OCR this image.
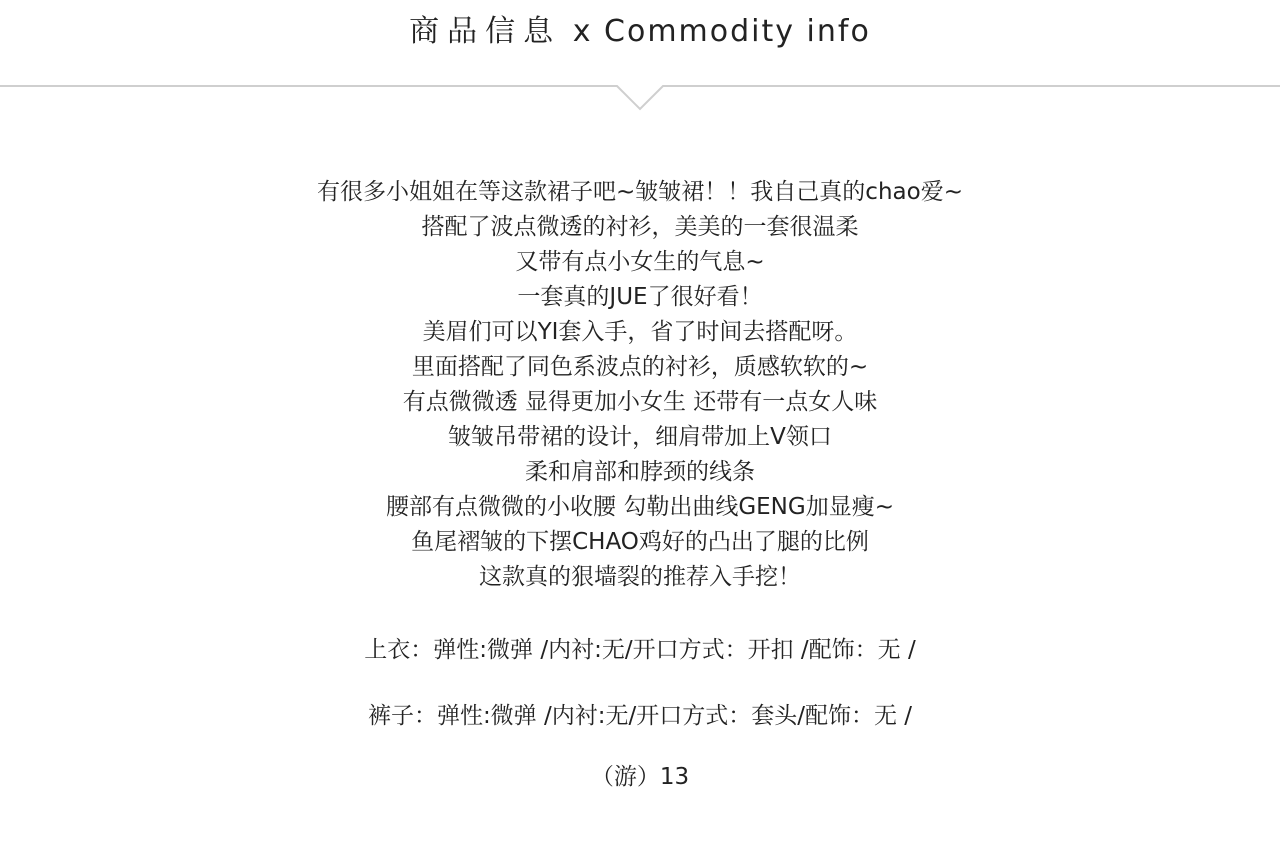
商品信息 x Commodity info
有很多小姐姐在等这款裙子吧~皱皱裙！！我自己真的chao爱~
搭配了波点微透的衬衫，美美的一套很温柔
又带有点小女生的气息~
一套真的JUE了很好看！
美眉们可以YI套入手，省了时间去搭配呀。
里面搭配了同色系波点的衬衫，质感软软的~
有点微微透 显得更加小女生 还带有一点女人味
皱皱吊带裙的设计，细肩带加上V领口
柔和肩部和脖颈的线条
腰部有点微微的小收腰 勾勒出曲线GENG加显瘦~
鱼尾褶皱的下摆CHAO鸡好的凸出了腿的比例
这款真的狠墙裂的推荐入手挖！
上衣：弹性:微弹 /内衬:无/开口方式：开扣 /配饰：无 /
裤子：弹性:微弹 /内衬:无/开口方式：套头/配饰：无 /
（游）13
